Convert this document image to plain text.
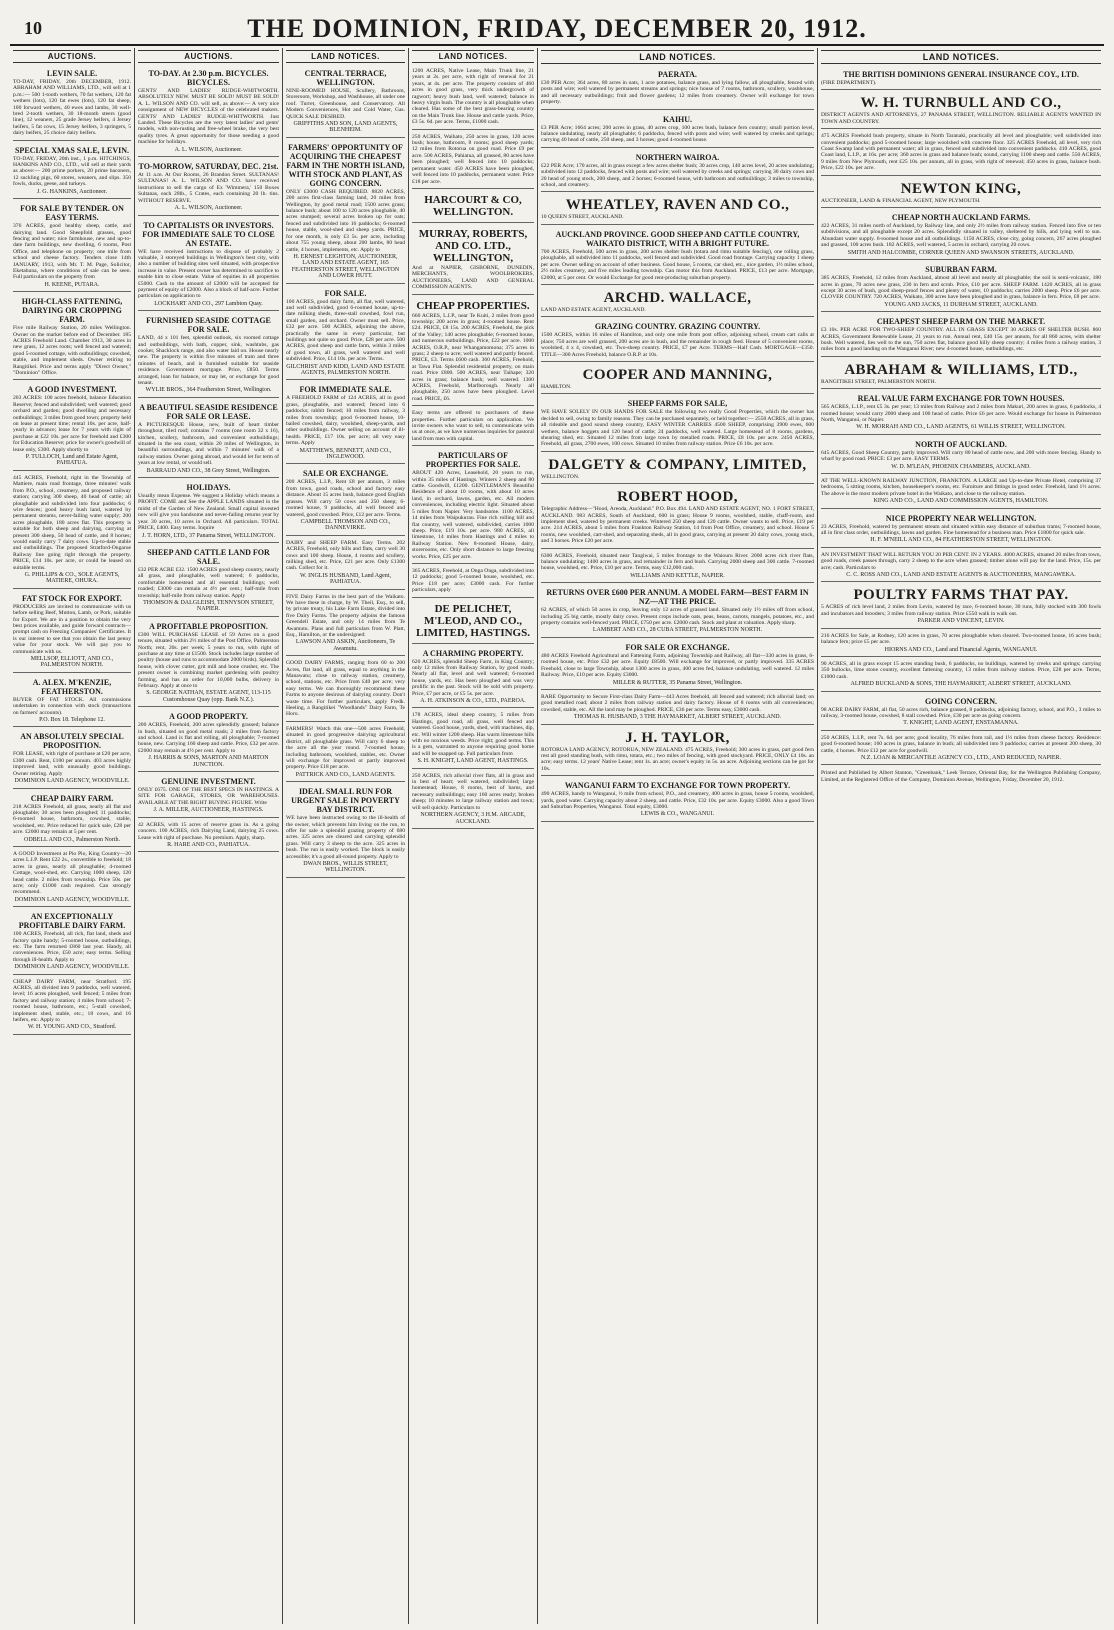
10	THE DOMINION, FRIDAY, DECEMBER 20, 1912.
AUCTIONS.
LEVIN SALE.
TO-DAY, FRIDAY, 20th DECEMBER, 1912. ABRAHAM AND WILLIAMS, LTD., will sell at 1 p.m.:— 500 1-tooth wethers, 70 fat wethers, 120 fat wethers (lots), 120 fat ewes (lots), 120 fat sheep, 100 forward wethers, 40 ewes and lambs, 30 well-bred 2-tooth wethers, 30 18-month steers (good line), 12 weaners, 25 grade Jersey heifers, 4 Jersey heifers, 5 fat cows, 15 Jersey heifers, 3 springers, 5 dairy heifers, 25 choice dairy heifers.
SPECIAL XMAS SALE, LEVIN.
TO-DAY, FRIDAY, 20th inst., 1 p.m. HITCHINGS, HANKINS AND CO., LTD., will sell at their yards as above:— 200 prime porkers, 20 prime baconers, 12 suckling pigs, 60 stores, weaners, and slips. 350 fowls, ducks, geese, and turkeys.
J. G. HANKINS, Auctioneer.
FOR SALE BY TENDER. ON EASY TERMS.
376 ACRES, good healthy sheep, cattle, and dairying land. Good Sheepfold grasses, good fencing and water; nice farmhouse, new and up-to-date farm buildings, new dwelling, 6 rooms, Post Office, and telephone on property; one mile from school and cheese factory. Tenders close 14th JANUARY, 1913, with Mr. T. M. Page, Solicitor, Eketahuna, where conditions of sale can be seen. Full particulars on the property from
H. KEENE, PUTARA.
HIGH-CLASS FATTENING, DAIRYING OR CROPPING FARM.
Five mile Railway Station, 20 miles Wellington. Owner on the market before end of December. 185 ACRES Freehold Land. Chamber 1913, 30 acres in new grass, 12 acres roots; well fenced and watered; good 5-roomed cottage, with outbuildings; cowshed, stable, and implement sheds. Owner retiring to Rangitikei. Price and terms apply "Direct Owner," "Dominion" Office.
A GOOD INVESTMENT.
203 ACRES: 100 acres freehold, balance Education Reserve; fenced and subdivided; well watered; good orchard and garden; good dwelling and necessary outbuildings; 3 miles from good town; property held on lease at present time; rental 10s. per acre, half-yearly in advance; lease for 7 years with right of purchase at £22 10s. per acre for freehold and £300 for Education Reserve; price for owner's goodwill of lease only, £300. Apply shortly to
P. TULLOCH, Land and Estate Agent, PAHIATUA.
445 ACRES, Freehold, right in the Township of Mattiere, main road frontage, three minutes' walk from P.O., school, creamery, and proposed railway station; carrying 300 sheep, 40 head of cattle; all ploughable and subdivided into four paddocks; 6 wire fences; good heavy bush land, watered by permanent streams, never-failing water supply; 200 acres ploughable, 180 acres flat. This property is suitable for both sheep and dairying, carrying at present 300 sheep, 50 head of cattle, and 8 horses; would easily carry 7 dairy cows. Up-to-date stable and outbuildings. The proposed Stratford-Ongarue Railway line going right through the property. PRICE, £14 10s. per acre, or could be leased on suitable terms.
G. PHILLIPS & CO., SOLE AGENTS, MATIERE, OHURA.
FAT STOCK FOR EXPORT.
PRODUCERS are invited to communicate with us before selling Beef, Mutton, Lamb, or Pork, suitable for Export. We are in a position to obtain the very best prices available, and guide forward contracts—prompt cash on Freezing Companies' Certificates. It is our interest to see that you obtain the last penny value for your stock. We will pay you to communicate with us.
MELLSOP, ELLIOTT, AND CO., PALMERSTON NORTH.
A. ALEX. M'KENZIE, FEATHERSTON.
BUYER OF FAT STOCK. All commissions undertaken in connection with stock (transactions on farmers' accounts).
P.O. Box 18. Telephone 12.
AN ABSOLUTELY SPECIAL PROPOSITION.
FOR LEASE, with right of purchase at £20 per acre, £300 cash. Rent, £100 per annum. 403 acres highly improved land, with unusually good buildings. Owner retiring. Apply
DOMINION LAND AGENCY, WOODVILLE.
CHEAP DAIRY FARM.
218 ACRES Freehold, all grass, nearly all flat and ploughable; 30 acres been ploughed; 11 paddocks; 6-roomed house, bathroom, cowshed, stable, woolshed, etc. Price reduced for quick sale, £28 per acre. £2000 may remain at 5 per cent.
ODBELL AND CO., Palmerston North.
A GOOD Investment at Pio Pio, King Country—20 acres L.I.P. Rent £22 2s., convertible to freehold; 18 acres in grass, nearly all ploughable; 4-roomed Cottage, wool-shed, etc. Carrying 1000 sheep, 120 head cattle. 2 miles from township. Price 50s. per acre; only £1000 cash required. Can strongly recommend.
DOMINION LAND AGENCY, WOODVILLE.
AN EXCEPTIONALLY PROFITABLE DAIRY FARM.
100 ACRES, Freehold, all rich, flat land, sheds and factory quite handy; 5-roomed house, outbuildings, etc. The farm returned £860 last year. Handy, all conveniences. Price, £50 acre; easy terms. Selling through ill-health. Apply to
DOMINION LAND AGENCY, WOODVILLE.
CHEAP DAIRY FARM, near Stratford. 195 ACRES, all divided into 9 paddocks, well watered, level; 16 acres ploughed, well fenced; 5 miles from factory and railway station; 4 miles from school; 7-roomed house, bathroom, etc.; 5-stall cowshed, implement shed, stable, etc.; 18 cows, and 16 heifers, etc. Apply to
W. H. YOUNG AND CO., Stratford.
AUCTIONS.
TO-DAY. At 2.30 p.m. BICYCLES. BICYCLES.
GENTS' AND LADIES' RUDGE-WHITWORTH. ABSOLUTELY NEW. MUST BE SOLD! MUST BE SOLD! A. L. WILSON AND CO. will sell, as above:— A very nice consignment of NEW BICYCLES of the celebrated makers. GENTS' AND LADIES' RUDGE-WHITWORTH. Just Landed. These Bicycles are the very latest ladies' and gents' models, with non-rusting and free-wheel brake, the very best quality tyres. A great opportunity for those needing a good machine for holidays.
A. L. WILSON, Auctioneer.
TO-MORROW, SATURDAY, DEC. 21st.
At 11 a.m. At Our Rooms, 26 Brandon Street. SULTANAS! SULTANAS! A. L. WILSON AND CO. have received instructions to sell the cargo of Ex 'Wimmera,' 150 Boxes Sultanas, each 28lb., 5 Crates, each containing 20 lb. tins. WITHOUT RESERVE.
A. L. WILSON, Auctioneer.
TO CAPITALISTS OR INVESTORS. FOR IMMEDIATE SALE TO CLOSE AN ESTATE.
WE have received instructions to dispose of probably 2 valuable, 3 storeyed buildings in Wellington's best city, with also a number of building sites well situated, with prospective increase in value. Present owner has determined to sacrifice to enable him to close estate. Value of equities in all properties £5000. Cash to the amount of £2000 will be accepted for payment of equity of £2000. Also a block of half-acre. Further particulars on application to
LOCKHART AND CO., 297 Lambton Quay.
FURNISHED SEASIDE COTTAGE FOR SALE.
LAND, 44 x 101 feet, splendid outlook, six roomed cottage and outbuildings, with bath, copper, sink, washtubs, gas cooker, Shacklock range, and also water laid on. House nearly new. The property is within five minutes of tram and three minutes of beach, and is furnished suitable for seaside residence. Government mortgage. Price, £850. Terms arranged, loan for balance, or may let, or exchange for good tenant.
WYLIE BROS., 364 Featherston Street, Wellington.
A BEAUTIFUL SEASIDE RESIDENCE FOR SALE OR LEASE.
A PICTURESQUE House, new, built of heart timber throughout, tiled roof; contains 7 rooms (one room 32 x 16), kitchen, scullery, bathroom, and convenient outbuildings; situated in the sea coast, within 20 miles of Wellington, in beautiful surroundings, and within 7 minutes' walk of a railway station. Owner going abroad, and would let for term of years at low rental, or would sell.
BARRAUD AND CO., 38 Grey Street, Wellington.
HOLIDAYS.
Usually mean Expense. We suggest a Holiday which means a PROFIT. COME and See the APPLE LANDS situated in the midst of the Garden of New Zealand. Small capital invested now will give you handsome and never-failing returns year by year. 30 acres, 10 acres in Orchard. All particulars. TOTAL PRICE, £400. Easy terms. Inquire
J. T. HORN, LTD., 37 Panama Street, WELLINGTON.
SHEEP AND CATTLE LAND FOR SALE.
£32 PER ACRE £32. 1500 ACRES good sheep country, nearly all grass, and ploughable, well watered; 6 paddocks, comfortable homestead and all essential buildings; well roaded; £3000 can remain at 4½ per cent.; half-mile from township; half-mile from railway station. Apply
THOMSON & DALGLEISH, TENNYSON STREET, NAPIER.
A PROFITABLE PROPOSITION.
£300 WILL PURCHASE LEASE of 59 Acres on a good tenure, situated within 2½ miles of the Post Office, Palmerston North; rent, 20s. per week; 5 years to run, with right of purchase at any time at £1500. Stock includes large number of poultry (house and runs to accommodate 2000 birds). Splendid house, with clover cutter, grit mill and bone crusher, etc. The present owner is combining market gardening with poultry farming, and has an order for 10,000 bulbs, delivery in February. Apply at once to
S. GEORGE NATHAN, ESTATE AGENT, 113-115 Customhouse Quay (opp. Bank N.Z.).
A GOOD PROPERTY.
200 ACRES, Freehold, 200 acres splendidly grassed; balance in bush, situated on good metal roads; 2 miles from factory and school. Land is flat and rolling, all ploughable; 7-roomed house, new. Carrying 160 sheep and cattle. Price, £32 per acre. £2000 may remain at 4½ per cent. Apply to
J. HARRIS & SONS, MARTON AND MARTON JUNCTION.
GENUINE INVESTMENT.
ONLY £675. ONE OF THE BEST SPECS IN HASTINGS. A SITE FOR GARAGE, STORES, OR WAREHOUSES. AVAILABLE AT THE RIGHT BUYING FIGURE. Write
J. A. MILLER, AUCTIONEER, HASTINGS.
42 ACRES, with 15 acres of reserve grass in. As a going concern. 100 ACRES, rich Dairying Land, dairying 25 cows. Lease with right of purchase. No premium. Apply, sharp.
R. HARE AND CO., PAHIATUA.
LAND NOTICES.
CENTRAL TERRACE, WELLINGTON.
NINE-ROOMED HOUSE, Scullery, Bathroom, Storeroom, Workshop, and Washhouse, all under one roof. Turret, Greenhouse, and Conservatory. All Modern Conveniences, Hot and Cold Water, Gas. QUICK SALE DESIRED.
GRIFFITHS AND SON, LAND AGENTS, BLENHEIM.
FARMERS' OPPORTUNITY OF ACQUIRING THE CHEAPEST FARM IN THE NORTH ISLAND, WITH STOCK AND PLANT, AS GOING CONCERN.
ONLY £3000 CASH REQUIRED. 8820 ACRES, 200 acres first-class farming land, 20 miles from Wellington, by good metal road; 1500 acres grass; balance bush; about 100 to 120 acres ploughable, 40 acres stumped; several acres broken up for oats; fenced and subdivided into 16 paddocks; 6-roomed house, stable, wool-shed and sheep yards. PRICE, for one month, is only £3 5s. per acre, including about 755 young sheep, about 200 lambs, 80 head cattle, 4 horses, implements, etc. Apply to
H. ERNEST LEIGHTON, AUCTIONEER, LAND AND ESTATE AGENT, 165 FEATHERSTON STREET, WELLINGTON AND LOWER HUTT.
FOR SALE.
100 ACRES, good dairy farm, all flat, well watered, and well subdivided, good 6-roomed house, up-to-date milking sheds, three-stall cowshed, fowl run, small garden, and orchard. Owner must sell. Price, £32 per acre. 500 ACRES, adjoining the above, practically the same in every particular, but buildings not quite so good. Price, £28 per acre. 500 ACRES, good sheep and cattle farm, within 3 miles of good town, all grass, well watered and well subdivided. Price, £14 10s. per acre. Terms.
GILCHRIST AND KIDD, LAND AND ESTATE AGENTS, PALMERSTON NORTH.
FOR IMMEDIATE SALE.
A FREEHOLD FARM of 124 ACRES, all in good grass, ploughable, and watered; fenced into 6 paddocks; rabbit fenced; 10 miles from railway, 3 miles from township; good 6-roomed house, 10-bailed cowshed, dairy, woolshed, sheep-yards, and other outbuildings. Owner selling on account of ill-health. PRICE, £17 10s. per acre; all very easy terms. Apply
MATTHEWS, BENNETT, AND CO., INGLEWOOD.
SALE OR EXCHANGE.
200 ACRES, L.I.P., Rent £8 per annum, 3 miles from town, good roads, school and factory easy distance. About 15 acres bush, balance good English grasses. Will carry 50 cows and 250 sheep; 6-roomed house, 9 paddocks, all well fenced and watered, good cowshed. Price, £12 per acre. Terms.
CAMPBELL THOMSON AND CO., DANNEVIRKE.
DAIRY and SHEEP FARM. Easy Terms. 202 ACRES, Freehold, only hills and flats, carry well 30 cows and 100 sheep. House, 4 rooms and scullery, milking shed, etc. Price, £21 per acre. Only £1300 cash. Collect for it.
W. INGLIS HUSBAND, Land Agent, PAHIATUA.
FIVE Dairy Farms in the best part of the Waikato. We have these in charge, by W. Theil, Esq., to sell, by private treaty, his Lake Farm Estate, divided into five Dairy Farms. The property adjoins the famous Greendell Estate, and only 14 miles from Te Awamutu. Plans and full particulars from W. Platt, Esq., Hamilton, or the undersigned:
LAWSON AND ASKIN, Auctioneers, Te Awamutu.
GOOD DAIRY FARMS, ranging from 60 to 200 Acres, flat land, all grass, equal to anything in the Manawatu; close to railway station, creamery, school, stations, etc. Price from £40 per acre; very easy terms. We can thoroughly recommend these Farms to anyone desirous of dairying country. Don't waste time. For further particulars, apply Fredk. Heeling, a Rangitikei "Woodlands" Dairy Farm, Te Horo.
FARMERS! Watch this one—500 acres Freehold, situated in good progressive dairying agricultural district, all ploughable grass. Will carry 6 sheep to the acre all the year round. 7-roomed house, including bathroom, woolshed, stables, etc. Owner will exchange for improved or partly improved property. Price £18 per acre.
PATTRICK AND CO., LAND AGENTS.
IDEAL SMALL RUN FOR URGENT SALE IN POVERTY BAY DISTRICT.
WE have been instructed owing to the ill-health of the owner, which prevents him living on the run, to offer for sale a splendid grazing property of 680 acres. 325 acres are cleared and carrying splendid grass. Will carry 3 sheep to the acre. 325 acres in bush. The run is easily worked. The block is easily accessible; it's a good all-round property. Apply to
DWAN BROS., WILLIS STREET, WELLINGTON.
LAND NOTICES.
1200 ACRES, Native Lease, Main Trunk line, 21 years at 2s. per acre, with right of renewal for 21 years, at 4s. per acre. The property consists of 460 acres in good grass, very thick undergrowth of ragwort; heavy bush land, well watered; balance in heavy virgin bush. The country is all ploughable when cleared. Has some of the best grass-bearing country on the Main Trunk line. House and cattle yards. Price, £3 5s. 6d. per acre. Terms, £1000 cash.
250 ACRES, Waihato, 250 acres in grass, 120 acres bush; house, bathroom, 8 rooms; good sheep yards; 12 miles from Rotorua on good road. Price £9 per acre. 500 ACRES, Pahiatua, all grassed, 80 acres have been ploughed; well fenced into 10 paddocks; permanent water. 450 ACRES have been ploughed, well fenced into 10 paddocks, permanent water. Price £18 per acre.
HARCOURT & CO, WELLINGTON.
MURRAY, ROBERTS, AND CO. LTD., WELLINGTON,
And at NAPIER, GISBORNE, DUNEDIN, MERCHANTS, WOOLBROKERS, AUCTIONEERS, LAND AND GENERAL COMMISSION AGENTS.
CHEAP PROPERTIES.
660 ACRES, L.I.P., near Te Kuiti, 2 miles from good township; 200 acres in grass; 4-roomed house. Rent £24. PRICE, £8 15s. 200 ACRES, Freehold, the pick of the Valley; 140 acres ploughable; 6-roomed house, and numerous outbuildings. Price, £22 per acre. 1000 ACRES, O.R.P., near Whangamomona; 375 acres in grass; 2 sheep to acre; well watered and partly fenced. PRICE, £3. Terms £600 cash. 360 ACRES, Freehold, at Tawa Flat. Splendid residential property, on main road. Price £800. 500 ACRES, near Taihape; 320 acres in grass; balance bush; well watered. 1300 ACRES, Freehold, Marlborough. Nearly all ploughable, 250 acres have been ploughed. Level road. PRICE, £6.
Easy terms are offered to purchasers of these properties. Further particulars on application. We invite owners who want to sell, to communicate with us at once, as we have numerous inquiries for pastoral land from men with capital.
PARTICULARS OF PROPERTIES FOR SALE.
ABOUT 420 Acres, Leasehold, 20 years to run, within 35 miles of Hastings. Winters 2 sheep and 80 cattle. Goodwill, £1200. GENTLEMAN'S Beautiful Residence of about 10 rooms, with about 10 acres land, in orchard, lawns, garden, etc. All modern conveniences, including electric light. Situated about 5 miles from Napier. Very handsome. 1100 ACRES, 14 miles from Waipukurau. Fine rich rolling hill and flat country, well watered, subdivided, carries 1000 sheep. Price, £19 10s. per acre. 980 ACRES, all limestone, 14 miles from Hastings and 4 miles to Railway Station. New 8-roomed House, dairy, storerooms, etc. Only short distance to large freezing works. Price, £25 per acre.
365 ACRES, Freehold, at Onga Onga, subdivided into 12 paddocks; good 5-roomed house, woolshed, etc. Price £18 per acre; £3000 cash. For further particulars, apply
DE PELICHET, M'LEOD, AND CO., LIMITED, HASTINGS.
A CHARMING PROPERTY.
620 ACRES, splendid Sheep Farm, in King Country; only 12 miles from Railway Station, by good roads. Nearly all flat, level and well watered; 6-roomed house, yards, etc. Has been ploughed and was very prolific in the past. Stock will be sold with property. Price, £7 per acre, or £5 5s. per acre.
A. H. ATKINSON & CO., LTD., PAEROA.
178 ACRES, ideal sheep country, 5 miles from Hastings, good road, all grass, well fenced and watered. Good house, yards, shed, with machines, dip, etc. Will winter 1200 sheep. Has warm limestone hills with no noxious weeds. Price right; good terms. This is a gem, warranted to anyone requiring good home and will be snapped up. Full particulars from
S. H. KNIGHT, LAND AGENT, HASTINGS.
250 ACRES, rich alluvial river flats, all in grass and in best of heart; well watered, subdivided; large homestead; House, 8 rooms, best of barns, and necessary outbuildings; easy 160 acres ready; broken sheep; 10 minutes to large railway station and town; will sell quickly. Particulars to
NORTHERN AGENCY, 3 H.M. ARCADE, AUCKLAND.
LAND NOTICES.
PAERATA.
£30 PER Acre; 364 acres, 80 acres in oats, 1 acre potatoes, balance grass, and lying fallow, all ploughable, fenced with posts and wire; well watered by permanent streams and springs; nice house of 7 rooms, bathroom, scullery, washhouse, and all necessary outbuildings; fruit and flower gardens; 12 miles from creamery. Owner will exchange for town property.
KAIHU.
£3 PER Acre; 1664 acres; 200 acres in grass, 40 acres crop, 100 acres bush, balance fern country; small portion level, balance undulating, nearly all ploughable; 6 paddocks, fenced with posts and wire; well watered by creeks and springs; carrying 40 head of cattle, 250 sheep, and 3 horses; good 4-roomed house.
NORTHERN WAIROA.
£22 PER Acre; 170 acres, all in grass except a few acres shelter bush; 30 acres crop, 140 acres level, 20 acres undulating; subdivided into 12 paddocks, fenced with posts and wire; well watered by creeks and springs; carrying 30 dairy cows and 20 head of young stock, 200 sheep, and 2 horses; 6-roomed house, with bathroom and outbuildings; 3 miles to township, school, and creamery.
WHEATLEY, RAVEN AND CO.,
10 QUEEN STREET, AUCKLAND.
AUCKLAND PROVINCE. GOOD SHEEP AND CATTLE COUNTRY, WAIKATO DISTRICT, WITH A BRIGHT FUTURE.
700 ACRES, Freehold, 500 acres in grass, 200 acres shelter bush (totara and rimu suitable fencing), one rolling grass, ploughable, all subdivided into 11 paddocks, well fenced and subdivided. Good road frontage. Carrying capacity 1 sheep per acre. Owner selling on account of other business. Good house, 5 rooms, car shed, etc., nice garden, 1½ miles school, 2½ miles creamery, and five miles leading township. Can motor this from Auckland. PRICE, £13 per acre. Mortgage, £2000, at 5 per cent. Or would Exchange for good rent-producing suburban property.
ARCHD. WALLACE,
LAND AND ESTATE AGENT, AUCKLAND.
GRAZING COUNTRY. GRAZING COUNTRY.
1500 ACRES, within 16 miles of Hamilton, and only one mile from post office, adjoining school, cream cart calls at place; 750 acres are well grassed, 200 acres are in bush, and the remainder in rough feed. House of 5 convenient rooms, woolshed, 4 x 4, cowshed, etc. Two-sheep country. PRICE, £7 per Acre. TERMS—Half Cash. MORTGAGE—£350. TITLE—300 Acres Freehold, balance O.R.P. at 10s.
COOPER AND MANNING,
HAMILTON.
SHEEP FARMS FOR SALE,
WE HAVE SOLELY IN OUR HANDS FOR SALE the following two really Good Properties, which the owner has decided to sell, owing to family reasons. They can be purchased separately, or held together:— 2550 ACRES, all in grass, all rideable and good sound sheep country, EASY WINTER CARRIES 4500 SHEEP, comprising 3900 ewes, 600 wethers, balance hoggets and 120 head of cattle; 24 paddocks, well watered. Large homestead of 8 rooms, gardens, shearing shed, etc. Situated 12 miles from large town by metalled roads. PRICE, £8 10s. per acre. 2450 ACRES, Freehold, all grass, 2700 ewes, 100 cows. Situated 10 miles from railway station. Price £6 10s. per acre.
DALGETY & COMPANY, LIMITED,
WELLINGTON.
ROBERT HOOD,
Telegraphic Address—"Hood, Areoda, Auckland." P.O. Box 494. LAND AND ESTATE AGENT, NO. 1 FORT STREET, AUCKLAND. 983 ACRES, South of Auckland, 600 in grass; House 9 rooms, woolshed, stable, chaff-room, and implement shed, watered by permanent creeks. Wintered 250 sheep and 120 cattle. Owner wants to sell. Price, £19 per acre. 214 ACRES, about 5 miles from Frankton Railway Station, 14 from Post Office, creamery, and school. House 5 rooms, new woolshed, cart-shed, and separating sheds, all in good grass, carrying at present 20 dairy cows, young stock, and 3 horses. Price £20 per acre.
6300 ACRES, Freehold, situated near Tangiwai, 5 miles frontage to the Waiouru River. 2000 acres rich river flats, balance undulating; 1400 acres in grass, and remainder in fern and bush. Carrying 2000 sheep and 300 cattle. 7-roomed house, woolshed, etc. Price, £10 per acre. Terms, easy £12,000 cash.
WILLIAMS AND KETTLE, NAPIER.
RETURNS OVER £600 PER ANNUM. A MODEL FARM—BEST FARM IN NZ—AT THE PRICE.
62 ACRES, of which 50 acres in crop, leaving only 12 acres of grassed land. Situated only 1½ miles off from school, including 25 big cattle, mostly dairy cows. Present crops include oats, peas, beans, carrots, mangels, potatoes, etc., and property contains well-fenced yard. PRICE, £750 per acre. £2000 cash. Stock and plant at valuation. Apply sharp.
LAMBERT AND CO., 28 CUBA STREET, PALMERSTON NORTH.
FOR SALE OR EXCHANGE.
480 ACRES Freehold Agricultural and Fattening Farm, adjoining Township and Railway, all flat—330 acres in grass, 6-roomed house, etc. Price £32 per acre. Equity £8500. Will exchange for improved, or partly improved. 335 ACRES Freehold, close to large Township, about 1300 acres in grass, 400 acres fed, balance undulating, well watered. 12 miles Railway. Price, £10 per acre. Equity £3000.
MILLER & RUTTER, 35 Panama Street, Wellington.
RARE Opportunity to Secure First-class Dairy Farm—443 Acres freehold, all fenced and watered; rich alluvial land; on good metalled road; about 2 miles from railway station and dairy factory. House of 8 rooms with all conveniences; cowshed, stable, etc. All the land may be ploughed. PRICE, £36 per acre. Terms easy, £3000 cash.
THOMAS R. HUSBAND, 3 THE HAYMARKET, ALBERT STREET, AUCKLAND.
J. H. TAYLOR,
ROTORUA LAND AGENCY, ROTORUA, NEW ZEALAND. 475 ACRES, Freehold; 300 acres in grass, part good fern rest all good standing bush, with rimu, totara, etc.; two miles of fencing, with good stockyard. PRICE, ONLY £4 10s. an acre; easy terms. 12 years' Native Lease; rent 1s. an acre; owner's equity in 5s. an acre. Adjoining sections can be got for 10s.
WANGANUI FARM TO EXCHANGE FOR TOWN PROPERTY.
490 ACRES, handy to Wanganui, ½ mile from school, P.O., and creamery, 400 acres in grass, house 5 rooms, woolshed, yards, good water. Carrying capacity about 2 sheep, and cattle. Price, £32 10s. per acre. Equity £3000. Also a good Town and Suburban Properties, Wanganui. Total equity, £3000.
LEWIS & CO., WANGANUI.
LAND NOTICES.
THE BRITISH DOMINIONS GENERAL INSURANCE COY., LTD.
(FIRE DEPARTMENT).
W. H. TURNBULL AND CO.,
DISTRICT AGENTS AND ATTORNEYS, 27 PANAMA STREET, WELLINGTON. RELIABLE AGENTS WANTED IN TOWN AND COUNTRY.
475 ACRES Freehold bush property, situate in North Taranaki, practically all level and ploughable; well subdivided into convenient paddocks; good 5-roomed house; large woolshed with concrete floor. 325 ACRES Freehold, all level, very rich Coast Swamp land with permanent water; all in grass, fenced and subdivided into convenient paddocks. 410 ACRES, good Coast land, L.I.P., at 16s. per acre; 360 acres in grass and balance bush; sound, carrying 1100 sheep and cattle. 550 ACRES, 9 miles from New Plymouth, rent £25 10s. per annum, all in grass, with right of renewal; 450 acres in grass, balance bush. Price, £22 10s. per acre.
NEWTON KING,
AUCTIONEER, LAND & FINANCIAL AGENT, NEW PLYMOUTH.
CHEAP NORTH AUCKLAND FARMS.
422 ACRES, 31 miles north of Auckland, by Railway line, and only 2½ miles from railway station. Fenced into five or ten subdivisions, and all ploughable except 20 acres. Splendidly situated in valley, sheltered by hills, and lying well to sun. Abundant water supply. 6-roomed house and all outbuildings. 1150 ACRES, close city, going concern, 267 acres ploughed and grassed, 100 acres bush. 182 ACRES, well watered, 5 acres in orchard, carrying 20 cows.
SMITH AND HALCOMBE, CORNER QUEEN AND SWANSON STREETS, AUCKLAND.
SUBURBAN FARM.
385 ACRES, Freehold, 12 miles from Auckland, almost all level and nearly all ploughable; the soil is semi-volcanic, 180 acres in grass, 70 acres new grass, 230 in fern and scrub. Price, £10 per acre. SHEEP FARM. 1420 ACRES, all in grass except 30 acres of bush, good sheep-proof fences and plenty of water, 10 paddocks; carries 2000 sheep. Price £6 per acre. CLOVER COUNTRY. 720 ACRES, Waikato, 300 acres have been ploughed and in grass, balance in fern. Price, £8 per acre.
YOUNG AND JACKS, 11 DURHAM STREET, AUCKLAND.
CHEAPEST SHEEP FARM ON THE MARKET.
£3 10s. PER ACRE FOR TWO-SHEEP COUNTRY. ALL IN GRASS EXCEPT 30 ACRES OF SHELTER BUSH. 860 ACRES, Government Renewable Lease, 21 years to run. Annual rent, £40 15s. per annum, for all 860 acres, with shelter bush. Well watered, lies well to the sun, 750 acres flat, balance good hilly sheep country; 4 miles from a railway station, 3 miles from a good landing on the Wanganui River; new 4-roomed house, outbuildings, etc.
ABRAHAM & WILLIAMS, LTD.,
RANGITIKEI STREET, PALMERSTON NORTH.
REAL VALUE FARM EXCHANGE FOR TOWN HOUSES.
565 ACRES, L.I.P., rent £5 3s. per year; 13 miles from Railway and 2 miles from Makuri, 200 acres in grass, 6 paddocks, 4 roomed house; would carry 2000 sheep and 100 head of cattle. Price £6 per acre. Would exchange for house in Palmerston North, Wanganui, or Napier.
W. H. MORRAH AND CO., LAND AGENTS, 61 WILLIS STREET, WELLINGTON.
NORTH OF AUCKLAND.
645 ACRES, Good Sheep Country, partly improved. Will carry 80 head of cattle now, and 200 with more fencing. Handy to wharf by good road. PRICE: £3 per acre. EASY TERMS.
W. D. M'LEAN, PHOENIX CHAMBERS, AUCKLAND.
AT THE WELL-KNOWN RAILWAY JUNCTION, FRANKTON. A LARGE and Up-to-date Private Hotel, comprising 37 bedrooms, 5 sitting rooms, kitchen, housekeeper's rooms, etc. Furniture and fittings in good order. Freehold, land 1½ acres. The above is the most modern private hotel in the Waikato, and close to the railway station.
KING AND CO., LAND AND COMMISSION AGENTS, HAMILTON.
NICE PROPERTY NEAR WELLINGTON.
23 ACRES, Freehold, watered by permanent stream and situated within easy distance of suburban trams; 7-roomed house, all in first class order, outbuildings, lawns and garden. Fine homestead for a business man. Price £1800 for quick sale.
H. F. M'NEILL AND CO., 84 FEATHERSTON STREET, WELLINGTON.
AN INVESTMENT THAT WILL RETURN YOU 20 PER CENT. IN 2 YEARS. 4000 ACRES, situated 20 miles from town, good roads, creek passes through, carry 2 sheep to the acre when grassed; timber alone will pay for the land. Price, 15s. per acre; cash. Particulars to
C. C. ROSS AND CO., LAND AND ESTATE AGENTS & AUCTIONEERS, MANGAWEKA.
POULTRY FARMS THAT PAY.
5 ACRES of rich level land, 2 miles from Levin, watered by race, 6-roomed house, 30 runs, fully stocked with 300 fowls and incubators and brooders; 3 miles from railway station. Price £550 walk in walk out.
PARKER AND VINCENT, LEVIN.
216 ACRES for Sale, at Rodney, 120 acres in grass, 70 acres ploughable when cleared. Two-roomed house, 16 acres bush; balance fern; price £5 per acre.
HIORNS AND CO., Land and Financial Agents, WANGANUI.
90 ACRES, all in grass except 15 acres standing bush, 6 paddocks, no buildings, watered by creeks and springs; carrying 350 bullocks, lime stone country, excellent fattening country, 13 miles from railway station. Price, £28 per acre. Terms, £1000 cash.
ALFRED BUCKLAND & SONS, THE HAYMARKET, ALBERT STREET, AUCKLAND.
GOING CONCERN.
98 ACRE DAIRY FARM, all flat, 50 acres rich, balance grassed, 8 paddocks, adjoining factory, school, and P.O., 3 miles to railway, 3-roomed house, cowshed, 8 stall cowshed. Price, £30 per acre as going concern.
T. KNIGHT, LAND AGENT, ENSTAMANNA.
250 ACRES, L.I.P., rent 7s. 6d. per acre; good locality, 76 miles from rail, and 1½ miles from cheese factory. Residence: good 6-roomed house; 160 acres in grass, balance in bush; all subdivided into 9 paddocks; carries at present 200 sheep, 30 cattle, 4 horses. Price £12 per acre for goodwill.
N.Z. LOAN & MERCANTILE AGENCY CO., LTD., AND REDUCED, NAPIER.
Printed and Published by Albert Stanton, "Greenbank," Leek Terrace, Oriental Bay, for the Wellington Publishing Company, Limited, at the Registered Office of the Company, Dominion Avenue, Wellington, Friday, December 20, 1912.
